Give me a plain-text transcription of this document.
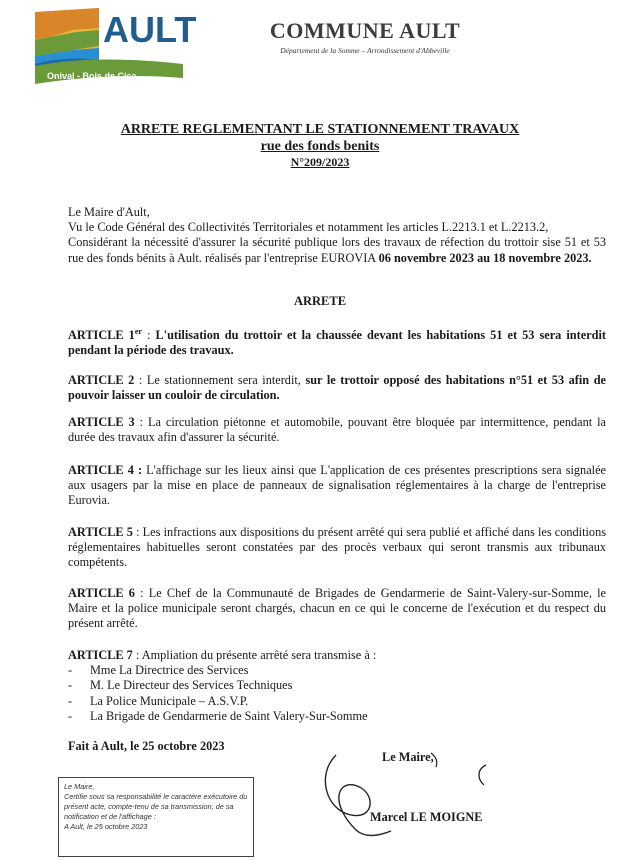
AULT
Onival - Bois de Cise
COMMUNE AULT
Département de la Somme – Arrondissement d'Abbeville
ARRETE REGLEMENTANT LE STATIONNEMENT TRAVAUX
rue des fonds benits
N°209/2023
Le Maire d'Ault,
Vu le Code Général des Collectivités Territoriales et notamment les articles L.2213.1 et L.2213.2,
Considérant la nécessité d'assurer la sécurité publique lors des travaux de réfection du trottoir sise 51 et 53 rue des fonds bénits à Ault. réalisés par l'entreprise EUROVIA 06 novembre 2023 au 18 novembre 2023.
ARRETE
ARTICLE 1er : L'utilisation du trottoir et la chaussée devant les habitations 51 et 53 sera interdit pendant la période des travaux.
ARTICLE 2 : Le stationnement sera interdit, sur le trottoir opposé des habitations n°51 et 53 afin de pouvoir laisser un couloir de circulation.
ARTICLE 3 : La circulation piétonne et automobile, pouvant être bloquée par intermittence, pendant la durée des travaux afin d'assurer la sécurité.
ARTICLE 4 : L'affichage sur les lieux ainsi que L'application de ces présentes prescriptions sera signalée aux usagers par la mise en place de panneaux de signalisation réglementaires à la charge de l'entreprise Eurovia.
ARTICLE 5 : Les infractions aux dispositions du présent arrêté qui sera publié et affiché dans les conditions réglementaires habituelles seront constatées par des procès verbaux qui seront transmis aux tribunaux compétents.
ARTICLE 6 : Le Chef de la Communauté de Brigades de Gendarmerie de Saint-Valery-sur-Somme, le Maire et la police municipale seront chargés, chacun en ce qui le concerne de l'exécution et du respect du présent arrêté.
ARTICLE 7 : Ampliation du présente arrêté sera transmise à :
- Mme La Directrice des Services
- M. Le Directeur des Services Techniques
- La Police Municipale – A.S.V.P.
- La Brigade de Gendarmerie de Saint Valery-Sur-Somme
Fait à Ault, le 25 octobre 2023
Le Maire,
Certifie sous sa responsabilité le caractère exécutoire du présent acte, compte-tenu de sa transmission, de sa notification et de l'affichage :
A Ault, le 25 octobre 2023
Le Maire,
Marcel LE MOIGNE
